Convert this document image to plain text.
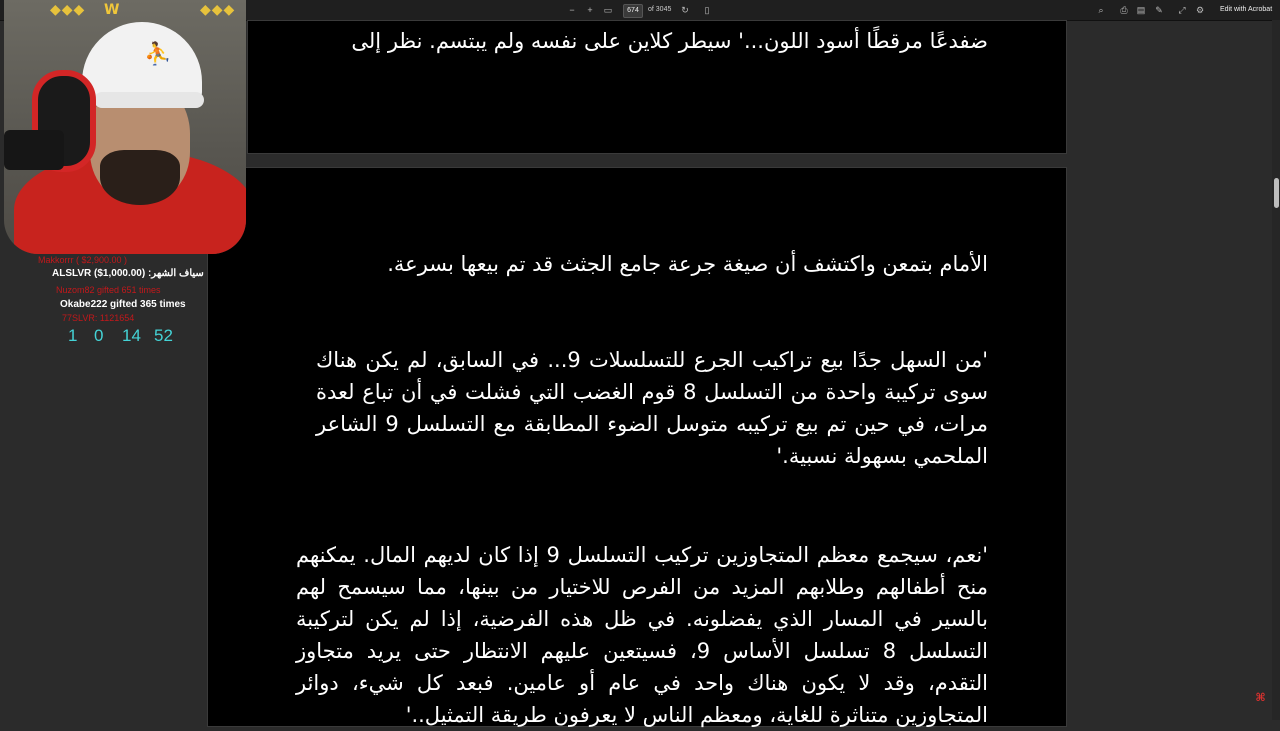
− + ▭	674	of 3045 ↻ ▯	⌕ ⎙ ▤ ✎ ⤢ ⚙ Edit with Acrobat
ضفدعًا مرقطًا أسود اللون...' سيطر كلاين على نفسه ولم يبتسم. نظر إلى
الأمام بتمعن واكتشف أن صيغة جرعة جامع الجثث قد تم بيعها بسرعة.
'من السهل جدًا بيع تراكيب الجرع للتسلسلات 9... في السابق، لم يكن هناك سوى تركيبة واحدة من التسلسل 8 قوم الغضب التي فشلت في أن تباع لعدة مرات، في حين تم بيع تركيبه متوسل الضوء المطابقة مع التسلسل 9 الشاعر الملحمي بسهولة نسبية.'
'نعم، سيجمع معظم المتجاوزين تركيب التسلسل 9 إذا كان لديهم المال. يمكنهم منح أطفالهم وطلابهم المزيد من الفرص للاختيار من بينها، مما سيسمح لهم بالسير في المسار الذي يفضلونه. في ظل هذه الفرضية، إذا لم يكن لتركيبة التسلسل 8 تسلسل الأساس 9، فسيتعين عليهم الانتظار حتى يريد متجاوز التقدم، وقد لا يكون هناك واحد في عام أو عامين. فبعد كل شيء، دوائر المتجاوزين متناثرة للغاية، ومعظم الناس لا يعرفون طريقة التمثيل..'
⌘
⛹
◆◆◆ W	◆◆◆
Makkorrr ( $2,900.00 )
سياف الشهر: ALSLVR ($1,000.00)
Nuzom82 gifted 651 times
Okabe222 gifted 365 times
77SLVR: 1121654
1 0 14 52
